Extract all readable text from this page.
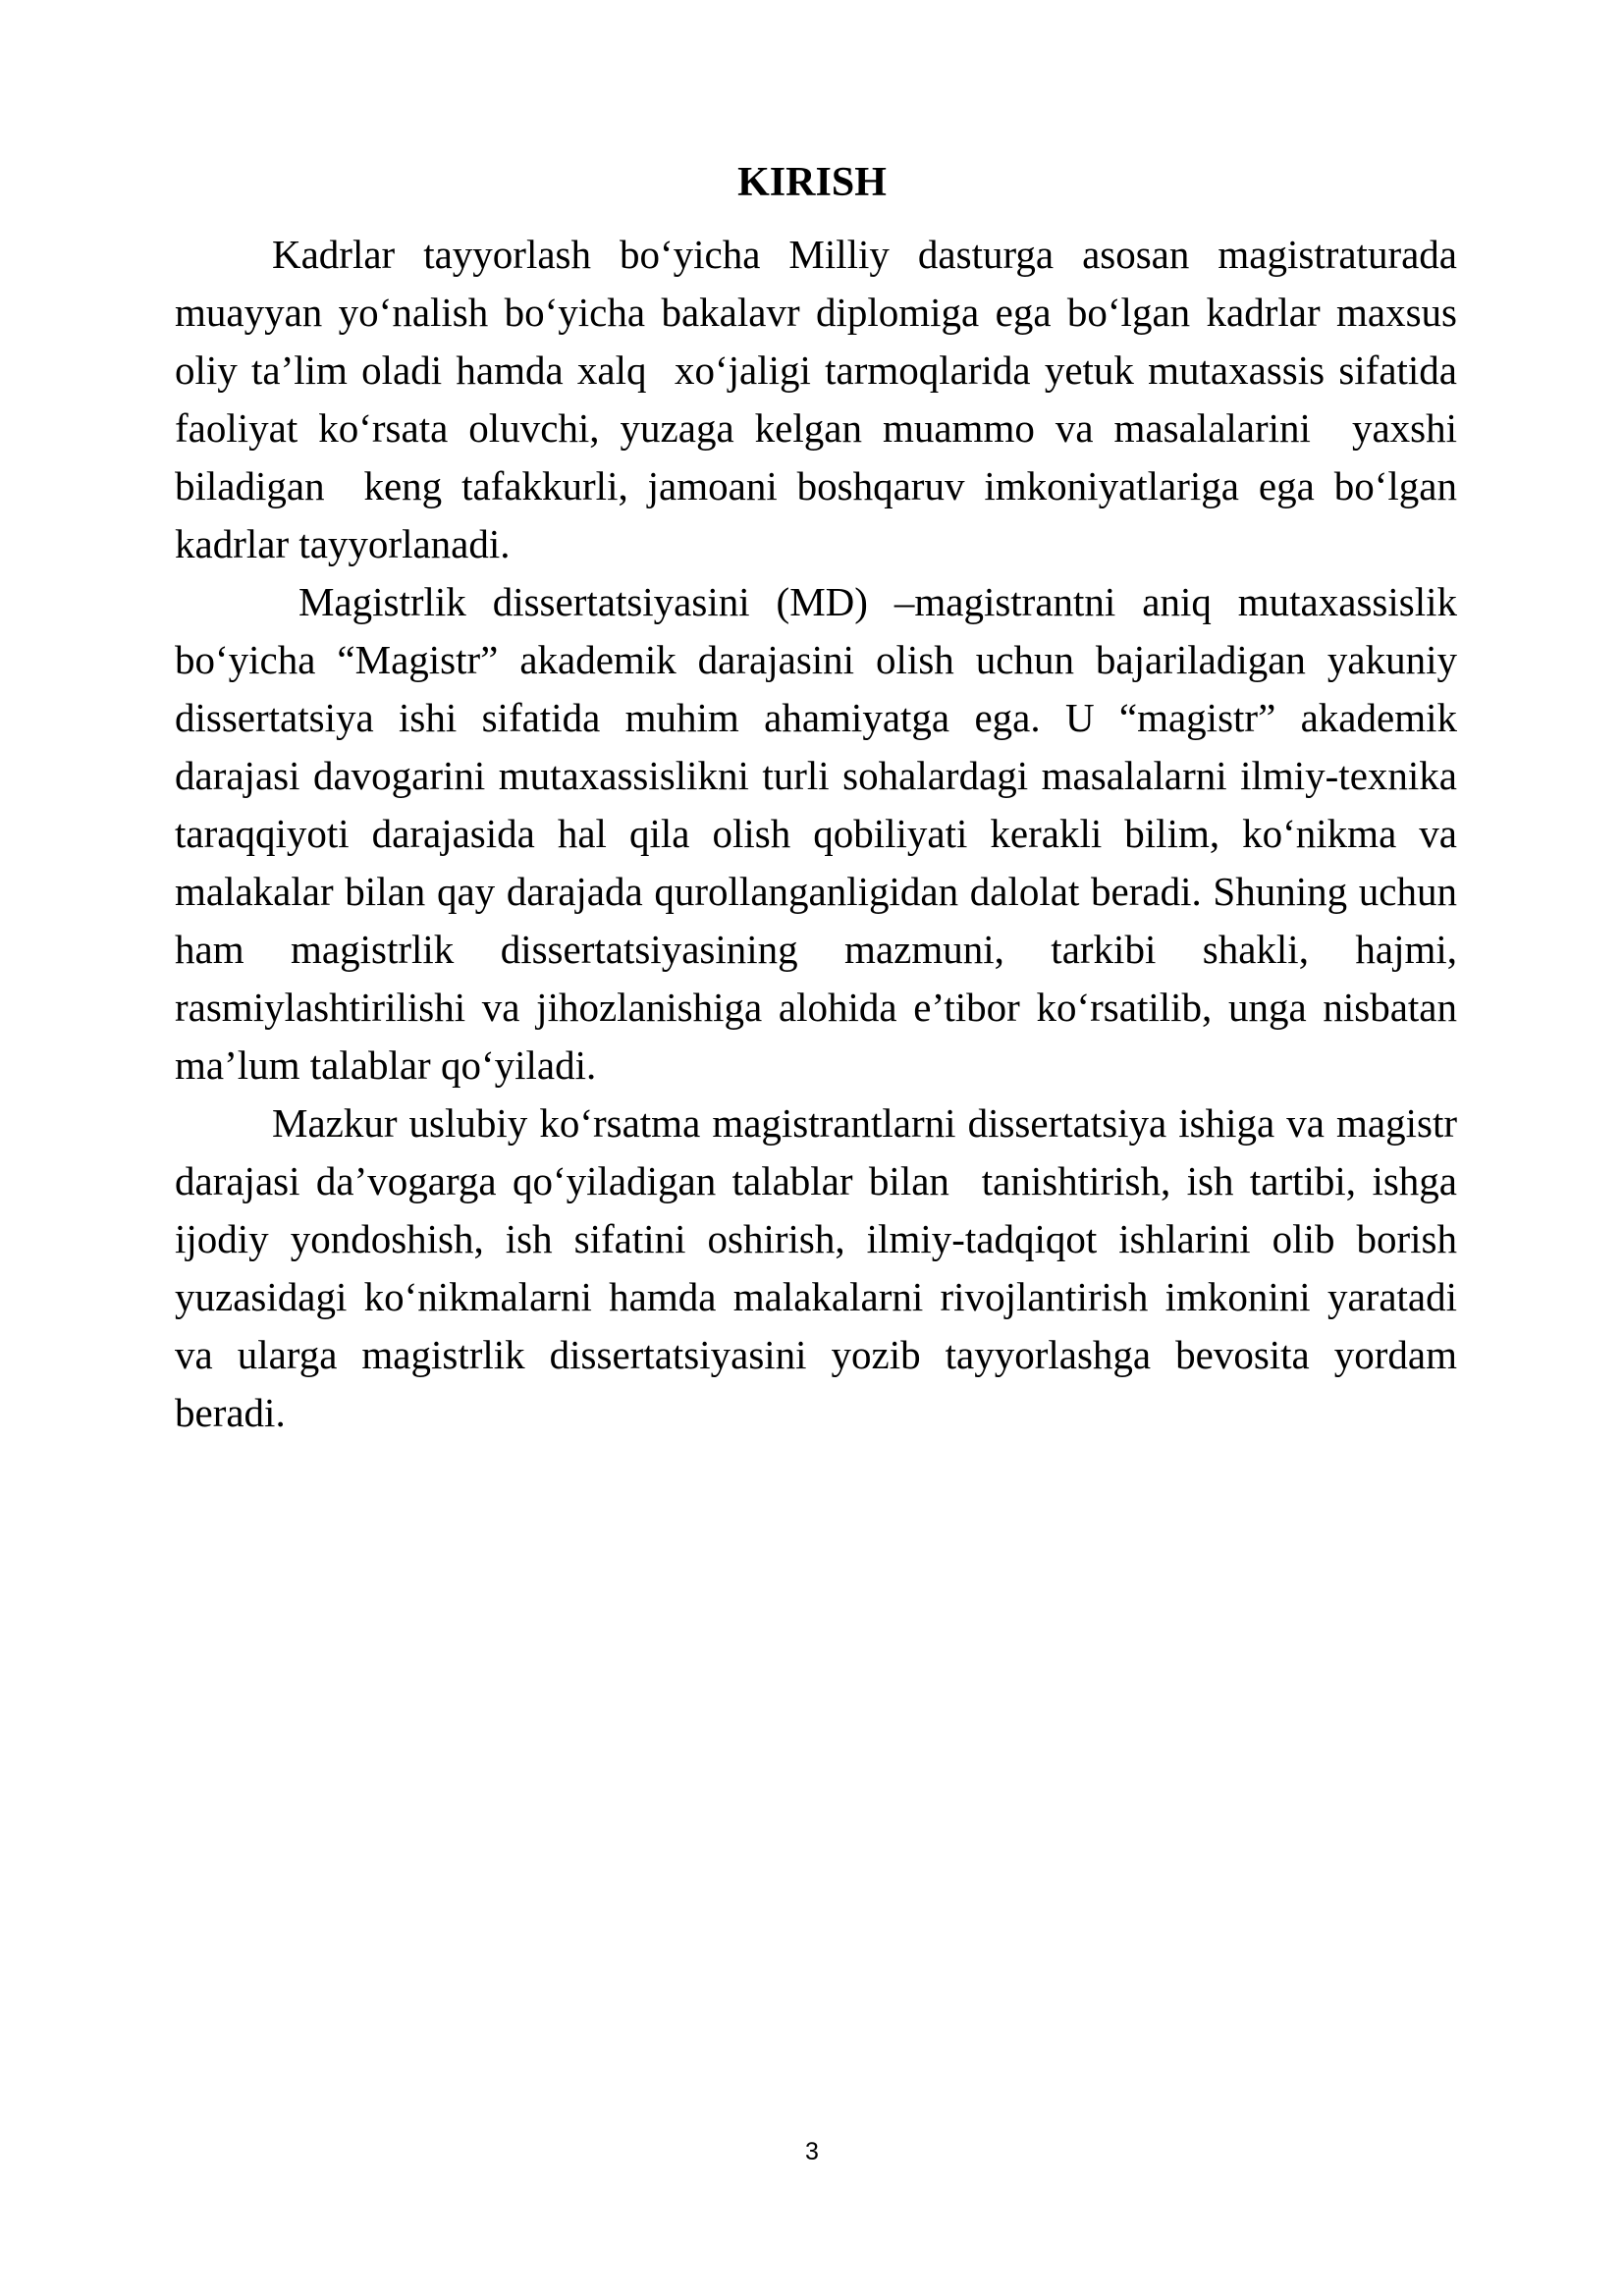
KIRISH

Kadrlar tayyorlash bo‘yicha Milliy dasturga asosan magistraturada muayyan yo‘nalish bo‘yicha bakalavr diplomiga ega bo‘lgan kadrlar maxsus oliy ta’lim oladi hamda xalq  xo‘jaligi tarmoqlarida yetuk mutaxassis sifatida faoliyat ko‘rsata oluvchi, yuzaga kelgan muammo va masalalarini  yaxshi biladigan  keng tafakkurli, jamoani boshqaruv imkoniyatlariga ega bo‘lgan kadrlar tayyorlanadi.

Magistrlik dissertatsiyasini (MD) –magistrantni aniq mutaxassislik bo‘yicha “Magistr” akademik darajasini olish uchun bajariladigan yakuniy  dissertatsiya ishi sifatida muhim ahamiyatga ega. U “magistr” akademik darajasi davogarini mutaxassislikni turli sohalardagi masalalarni ilmiy-texnika taraqqiyoti darajasida hal qila olish qobiliyati kerakli bilim, ko‘nikma va malakalar bilan qay darajada qurollanganligidan dalolat beradi. Shuning uchun ham magistrlik dissertatsiyasining mazmuni, tarkibi shakli, hajmi, rasmiylashtirilishi va jihozlanishiga alohida e’tibor ko‘rsatilib, unga nisbatan ma’lum talablar qo‘yiladi.

Mazkur uslubiy ko‘rsatma magistrantlarni dissertatsiya ishiga va magistr darajasi da’vogarga qo‘yiladigan talablar bilan  tanishtirish, ish tartibi, ishga ijodiy yondoshish, ish sifatini oshirish, ilmiy-tadqiqot ishlarini olib borish yuzasidagi ko‘nikmalarni hamda malakalarni rivojlantirish imkonini yaratadi va ularga magistrlik dissertatsiyasini yozib tayyorlashga bevosita yordam beradi.

3
